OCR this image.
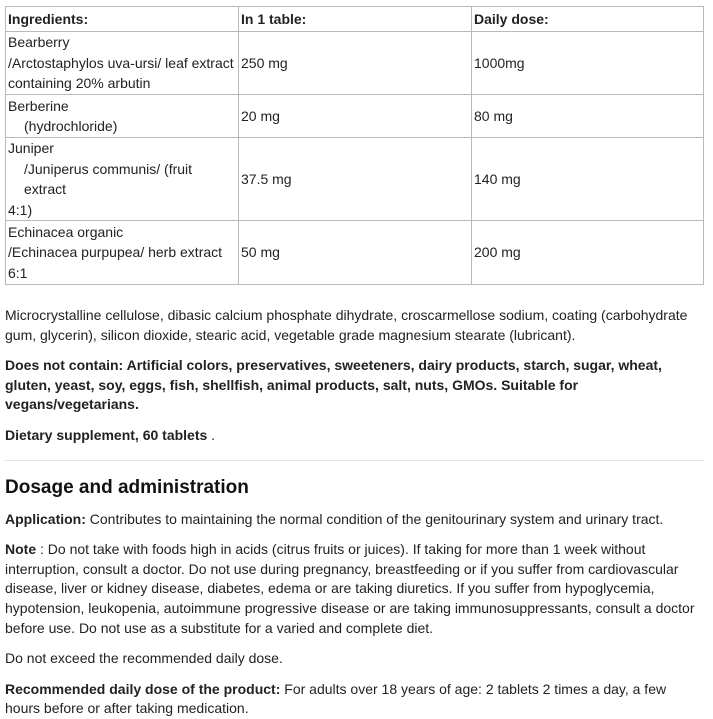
Ingredients:	In 1 table:	Daily dose:

Bearberry
/Arctostaphylos uva-ursi/ leaf extract
containing 20% arbutin	250 mg	1000mg

Berberine
(hydrochloride)	20 mg	80 mg

Juniper
/Juniperus communis/ (fruit extract
4:1)	37.5 mg	140 mg

Echinacea organic
/Echinacea purpupea/ herb extract
6:1	50 mg	200 mg

Microcrystalline cellulose, dibasic calcium phosphate dihydrate, croscarmellose sodium, coating (carbohydrate gum, glycerin), silicon dioxide, stearic acid, vegetable grade magnesium stearate (lubricant).

Does not contain: Artificial colors, preservatives, sweeteners, dairy products, starch, sugar, wheat, gluten, yeast, soy, eggs, fish, shellfish, animal products, salt, nuts, GMOs. Suitable for vegans/vegetarians.

Dietary supplement, 60 tablets .

Dosage and administration

Application: Contributes to maintaining the normal condition of the genitourinary system and urinary tract.

Note : Do not take with foods high in acids (citrus fruits or juices). If taking for more than 1 week without interruption, consult a doctor. Do not use during pregnancy, breastfeeding or if you suffer from cardiovascular disease, liver or kidney disease, diabetes, edema or are taking diuretics. If you suffer from hypoglycemia, hypotension, leukopenia, autoimmune progressive disease or are taking immunosuppressants, consult a doctor before use. Do not use as a substitute for a varied and complete diet.

Do not exceed the recommended daily dose.

Recommended daily dose of the product: For adults over 18 years of age: 2 tablets 2 times a day, a few hours before or after taking medication.
